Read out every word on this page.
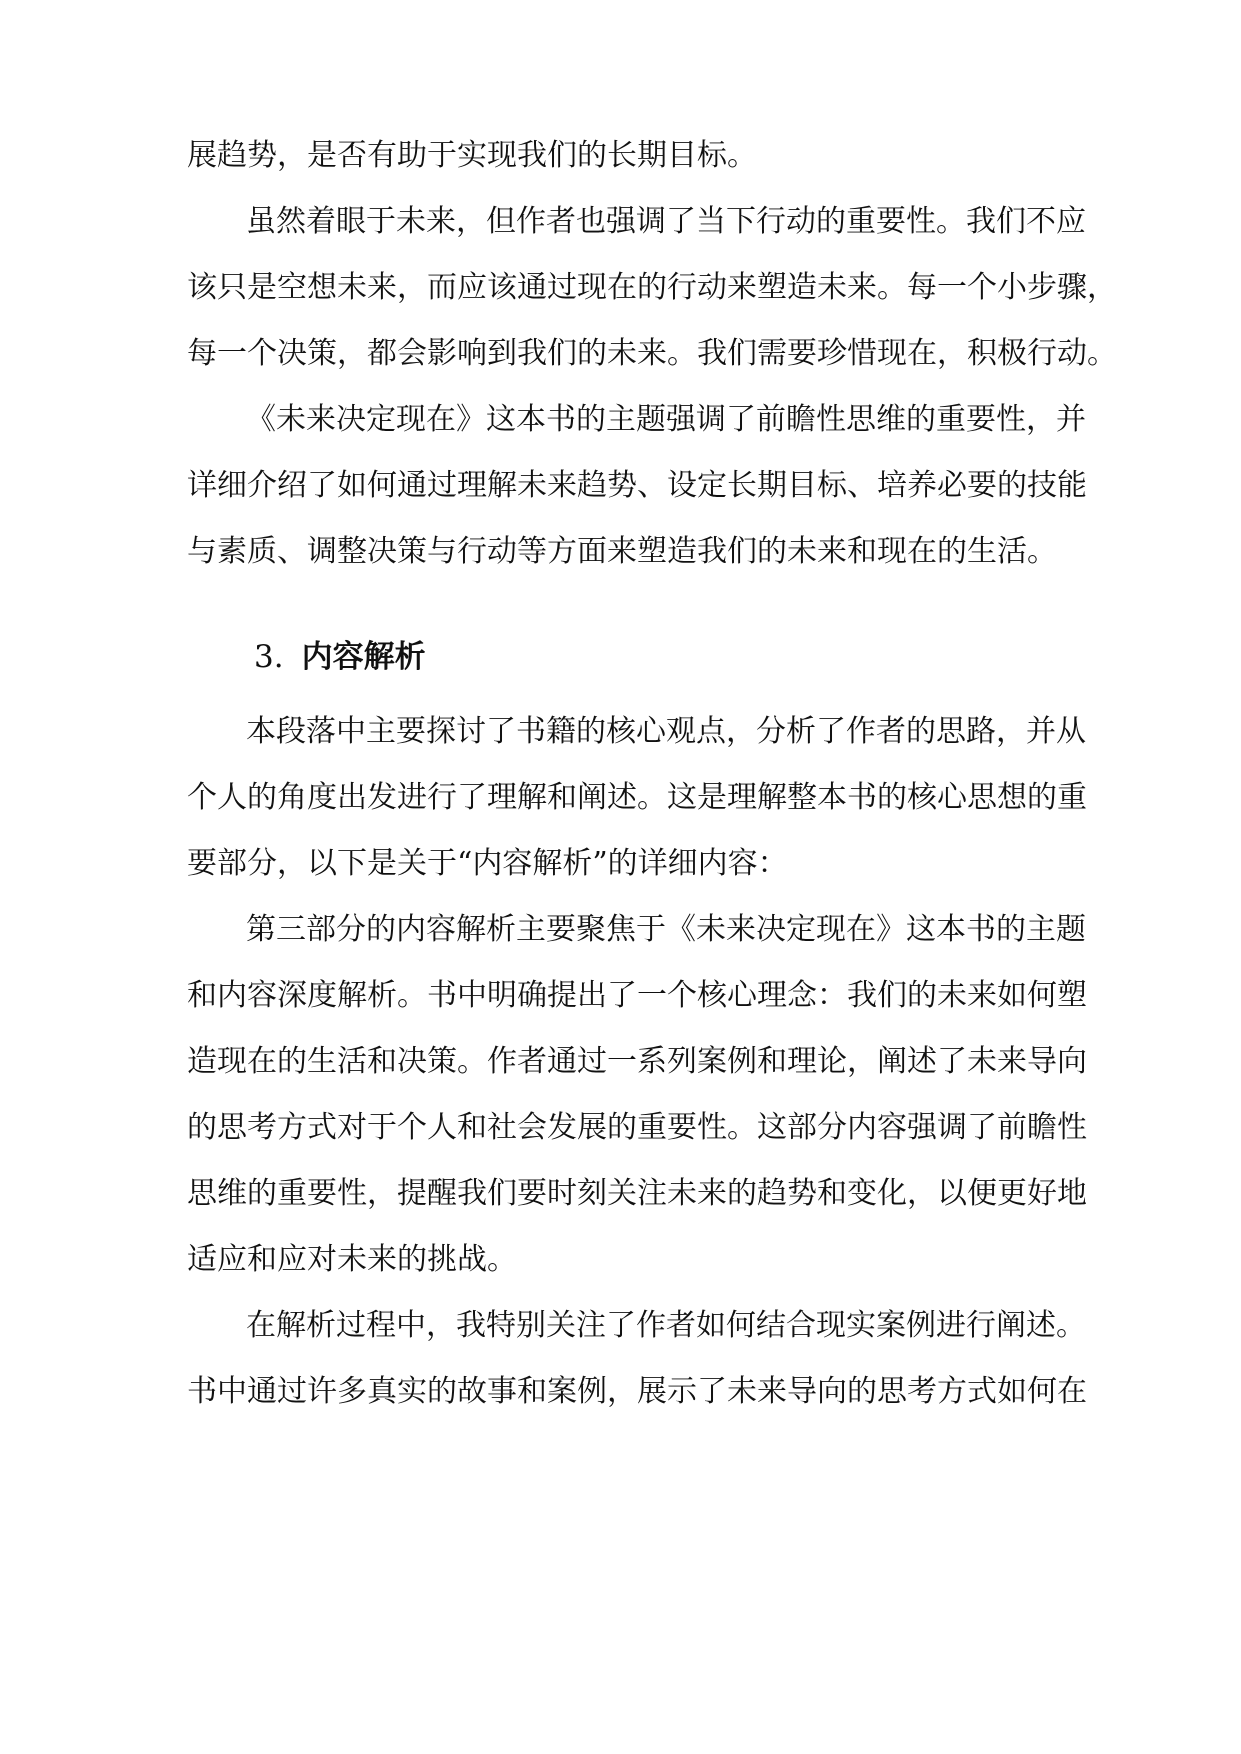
展趋势，是否有助于实现我们的长期目标。
虽然着眼于未来，但作者也强调了当下行动的重要性。我们不应
该只是空想未来，而应该通过现在的行动来塑造未来。每一个小步骤，
每一个决策，都会影响到我们的未来。我们需要珍惜现在，积极行动。
《未来决定现在》这本书的主题强调了前瞻性思维的重要性，并
详细介绍了如何通过理解未来趋势、设定长期目标、培养必要的技能
与素质、调整决策与行动等方面来塑造我们的未来和现在的生活。
3. 内容解析
本段落中主要探讨了书籍的核心观点，分析了作者的思路，并从
个人的角度出发进行了理解和阐述。这是理解整本书的核心思想的重
要部分，以下是关于“内容解析”的详细内容：
第三部分的内容解析主要聚焦于《未来决定现在》这本书的主题
和内容深度解析。书中明确提出了一个核心理念：我们的未来如何塑
造现在的生活和决策。作者通过一系列案例和理论，阐述了未来导向
的思考方式对于个人和社会发展的重要性。这部分内容强调了前瞻性
思维的重要性，提醒我们要时刻关注未来的趋势和变化，以便更好地
适应和应对未来的挑战。
在解析过程中，我特别关注了作者如何结合现实案例进行阐述。
书中通过许多真实的故事和案例，展示了未来导向的思考方式如何在
